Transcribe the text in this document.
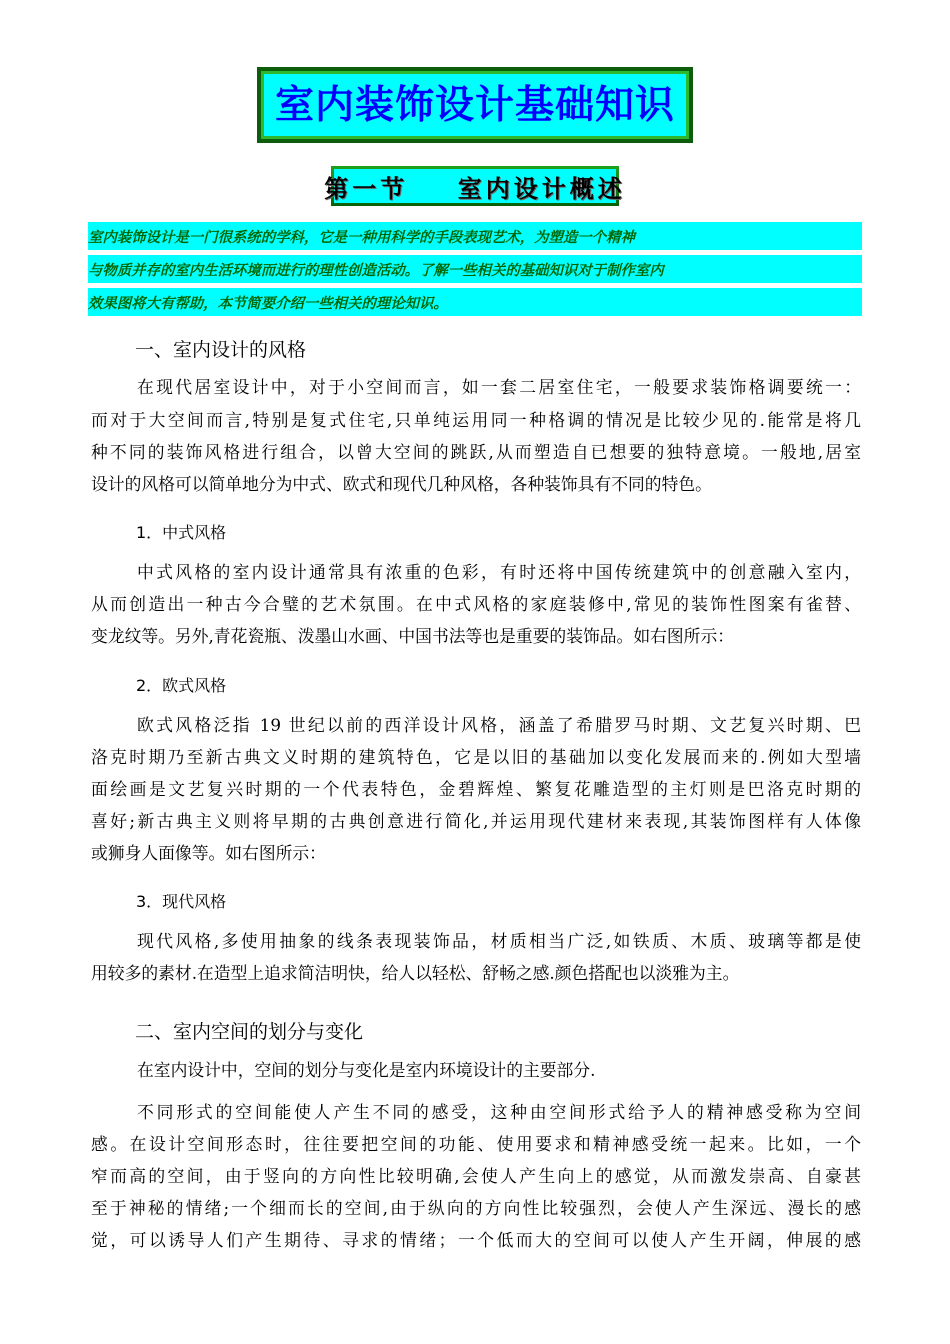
室内装饰设计基础知识
第一节    室内设计概述
室内装饰设计是一门很系统的学科，它是一种用科学的手段表现艺术，为塑造一个精神
与物质并存的室内生活环境而进行的理性创造活动。了解一些相关的基础知识对于制作室内
效果图将大有帮助，本节简要介绍一些相关的理论知识。
一、室内设计的风格
在现代居室设计中，对于小空间而言，如一套二居室住宅，一般要求装饰格调要统一：
而对于大空间而言,特别是复式住宅,只单纯运用同一种格调的情况是比较少见的.能常是将几
种不同的装饰风格进行组合，以曾大空间的跳跃,从而塑造自已想要的独特意境。一般地,居室
设计的风格可以简单地分为中式、欧式和现代几种风格，各种装饰具有不同的特色。
1．中式风格
中式风格的室内设计通常具有浓重的色彩，有时还将中国传统建筑中的创意融入室内，
从而创造出一种古今合璧的艺术氛围。在中式风格的家庭装修中,常见的装饰性图案有雀替、
变龙纹等。另外,青花瓷瓶、泼墨山水画、中国书法等也是重要的装饰品。如右图所示：
2．欧式风格
欧式风格泛指 19 世纪以前的西洋设计风格，涵盖了希腊罗马时期、文艺复兴时期、巴
洛克时期乃至新古典文义时期的建筑特色，它是以旧的基础加以变化发展而来的.例如大型墙
面绘画是文艺复兴时期的一个代表特色，金碧辉煌、繁复花雕造型的主灯则是巴洛克时期的
喜好;新古典主义则将早期的古典创意进行简化,并运用现代建材来表现,其装饰图样有人体像
或狮身人面像等。如右图所示：
3．现代风格
现代风格,多使用抽象的线条表现装饰品，材质相当广泛,如铁质、木质、玻璃等都是使
用较多的素材.在造型上追求简洁明快，给人以轻松、舒畅之感.颜色搭配也以淡雅为主。
二、室内空间的划分与变化
在室内设计中，空间的划分与变化是室内环境设计的主要部分.
不同形式的空间能使人产生不同的感受，这种由空间形式给予人的精神感受称为空间
感。在设计空间形态时，往往要把空间的功能、使用要求和精神感受统一起来。比如，一个
窄而高的空间，由于竖向的方向性比较明确,会使人产生向上的感觉，从而激发崇高、自豪甚
至于神秘的情绪;一个细而长的空间,由于纵向的方向性比较强烈，会使人产生深远、漫长的感
觉，可以诱导人们产生期待、寻求的情绪；一个低而大的空间可以使人产生开阔，伸展的感
